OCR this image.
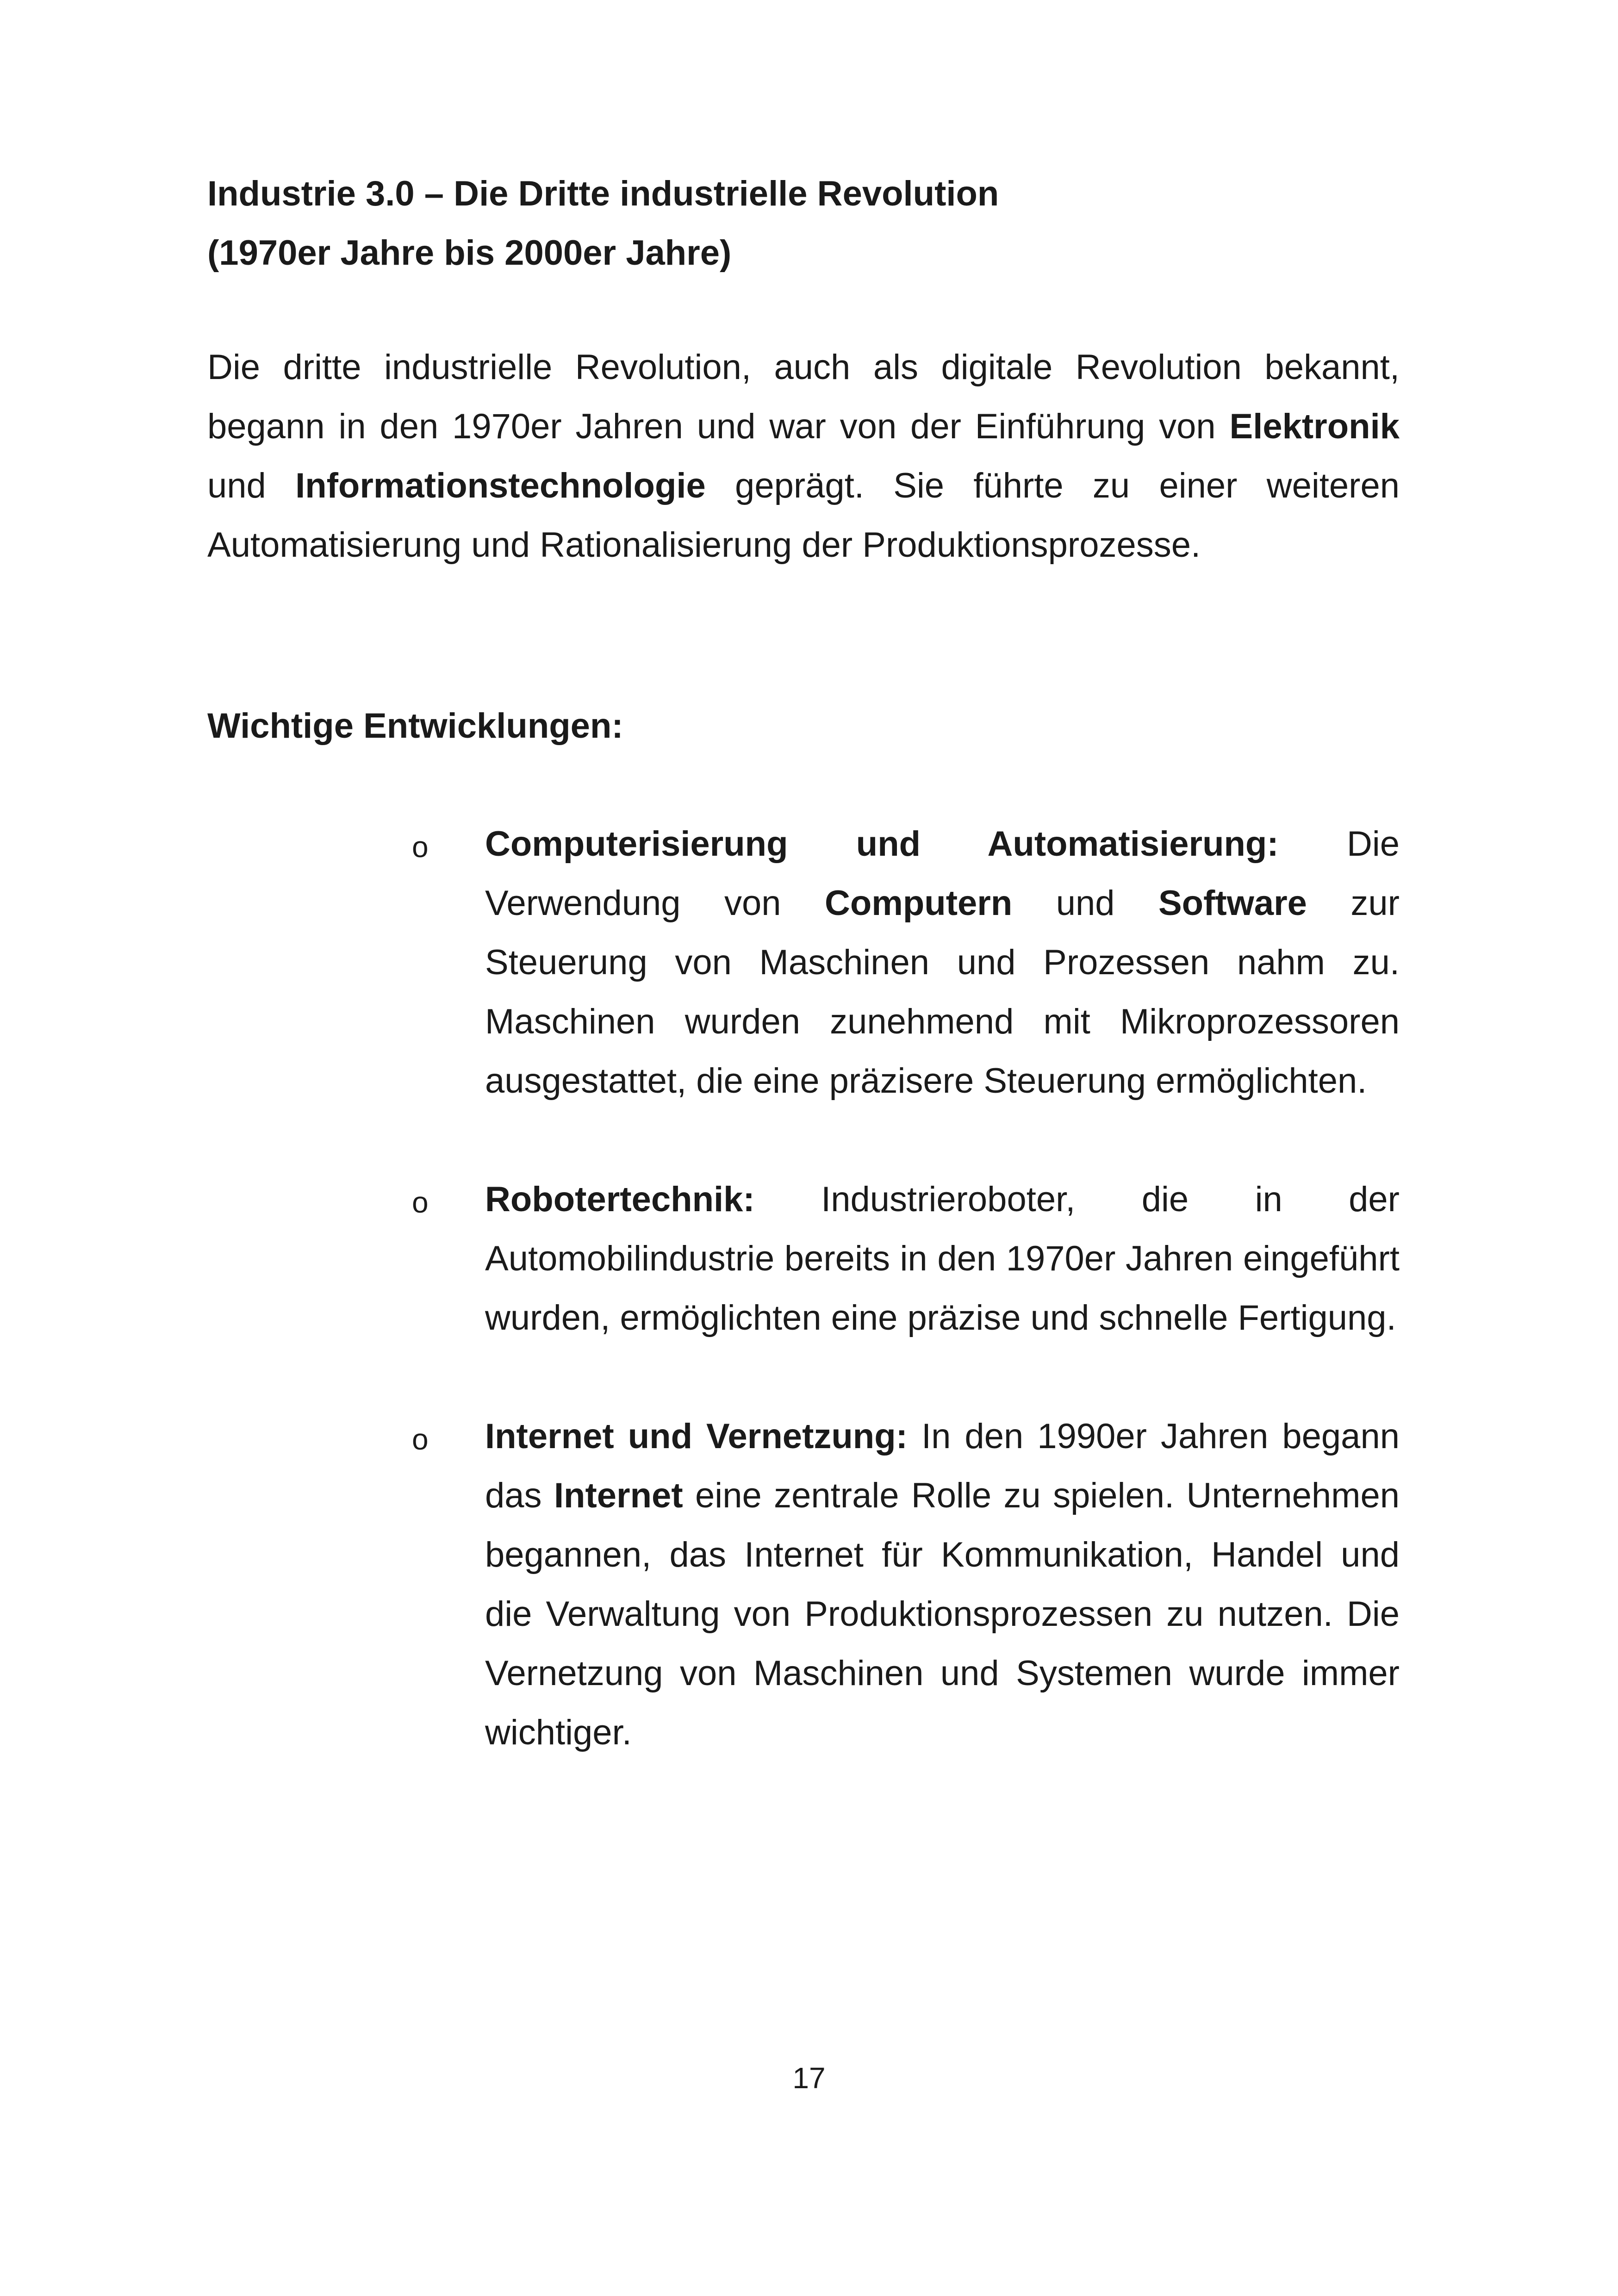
Industrie 3.0 – Die Dritte industrielle Revolution
(1970er Jahre bis 2000er Jahre)

Die dritte industrielle Revolution, auch als digitale Revolution bekannt, begann in den 1970er Jahren und war von der Einführung von Elektronik und Informationstechnologie geprägt. Sie führte zu einer weiteren Automatisierung und Rationalisierung der Produktionsprozesse.

Wichtige Entwicklungen:
o Computerisierung und Automatisierung: Die Verwendung von Computern und Software zur Steuerung von Maschinen und Prozessen nahm zu. Maschinen wurden zunehmend mit Mikroprozessoren ausgestattet, die eine präzisere Steuerung ermöglichten.
o Robotertechnik: Industrieroboter, die in der Automobilindustrie bereits in den 1970er Jahren eingeführt wurden, ermöglichten eine präzise und schnelle Fertigung.
o Internet und Vernetzung: In den 1990er Jahren begann das Internet eine zentrale Rolle zu spielen. Unternehmen begannen, das Internet für Kommunikation, Handel und die Verwaltung von Produktionsprozessen zu nutzen. Die Vernetzung von Maschinen und Systemen wurde immer wichtiger.
17
